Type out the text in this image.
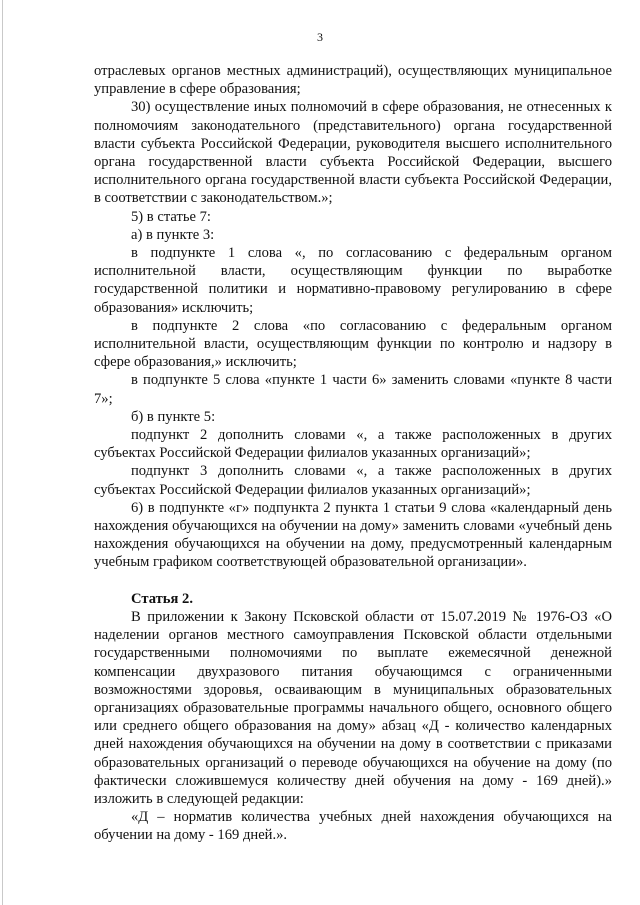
3

отраслевых органов местных администраций), осуществляющих муниципальное управление в сфере образования;

30) осуществление иных полномочий в сфере образования, не отнесенных к полномочиям законодательного (представительного) органа государственной власти субъекта Российской Федерации, руководителя высшего исполнительного органа государственной власти субъекта Российской Федерации, высшего исполнительного органа государственной власти субъекта Российской Федерации, в соответствии с законодательством.»;

5) в статье 7:

а) в пункте 3:

в подпункте 1 слова «, по согласованию с федеральным органом исполнительной власти, осуществляющим функции по выработке государственной политики и нормативно-правовому регулированию в сфере образования» исключить;

в подпункте 2 слова «по согласованию с федеральным органом исполнительной власти, осуществляющим функции по контролю и надзору в сфере образования,» исключить;

в подпункте 5 слова «пункте 1 части 6» заменить словами «пункте 8 части 7»;

б) в пункте 5:

подпункт 2 дополнить словами «, а также расположенных в других субъектах Российской Федерации филиалов указанных организаций»;

подпункт 3 дополнить словами «, а также расположенных в других субъектах Российской Федерации филиалов указанных организаций»;

6) в подпункте «г» подпункта 2 пункта 1 статьи 9 слова «календарный день нахождения обучающихся на обучении на дому» заменить словами «учебный день нахождения обучающихся на обучении на дому, предусмотренный календарным учебным графиком соответствующей образовательной организации».

Статья 2.

В приложении к Закону Псковской области от 15.07.2019 № 1976-ОЗ «О наделении органов местного самоуправления Псковской области отдельными государственными полномочиями по выплате ежемесячной денежной компенсации двухразового питания обучающимся с ограниченными возможностями здоровья, осваивающим в муниципальных образовательных организациях образовательные программы начального общего, основного общего или среднего общего образования на дому» абзац «Д - количество календарных дней нахождения обучающихся на обучении на дому в соответствии с приказами образовательных организаций о переводе обучающихся на обучение на дому (по фактически сложившемуся количеству дней обучения на дому - 169 дней).» изложить в следующей редакции:

«Д – норматив количества учебных дней нахождения обучающихся на обучении на дому - 169 дней.».
